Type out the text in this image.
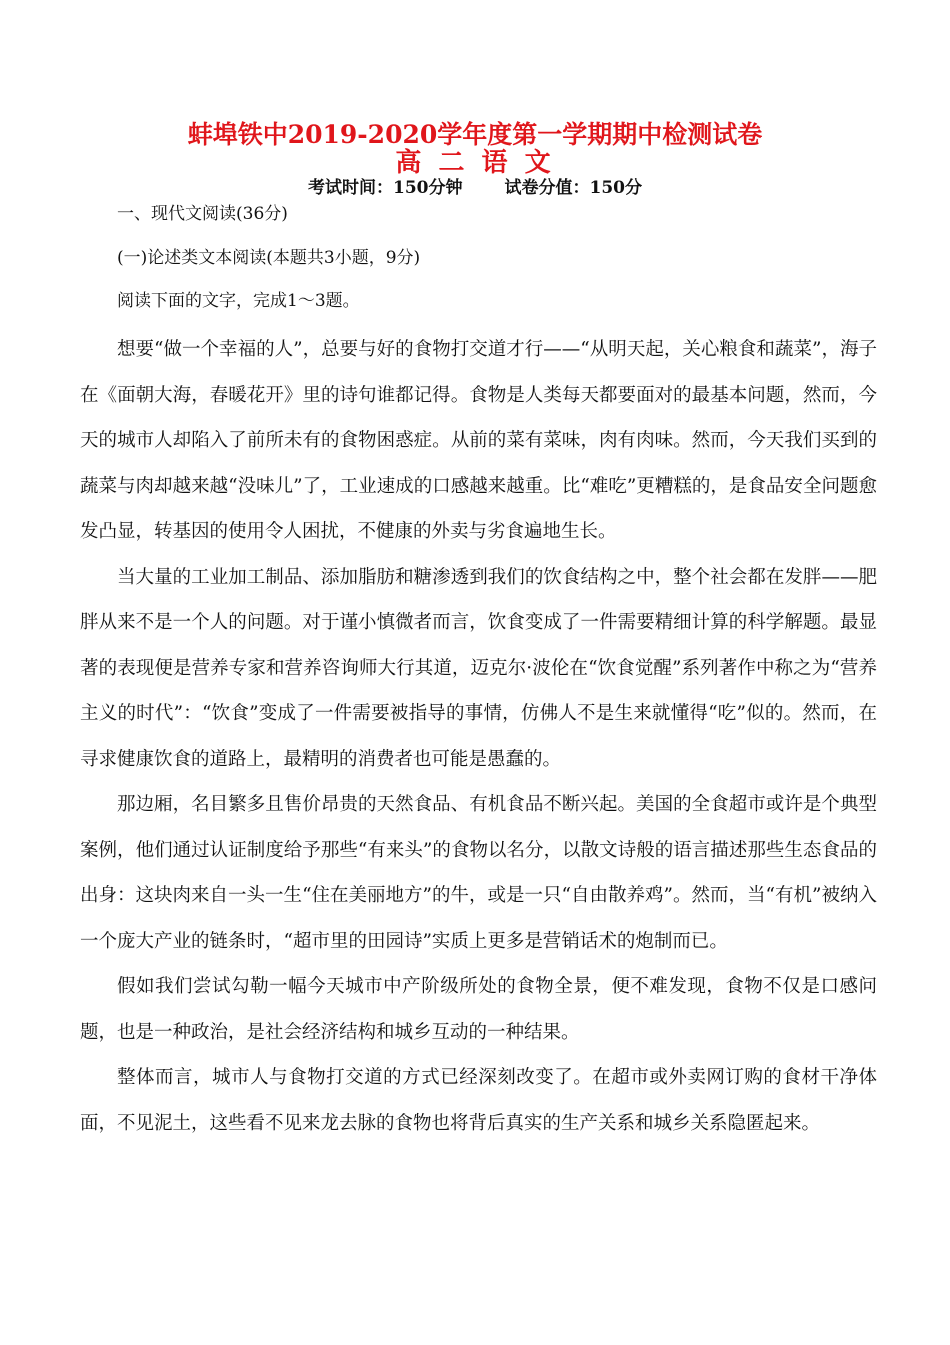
蚌埠铁中2019-2020学年度第一学期期中检测试卷
高 二 语 文
考试时间：150分钟 试卷分值：150分
一、现代文阅读(36分)
(一)论述类文本阅读(本题共3小题，9分)
阅读下面的文字，完成1～3题。

想要“做一个幸福的人”，总要与好的食物打交道才行——“从明天起，关心粮食和蔬菜”，海子在《面朝大海，春暖花开》里的诗句谁都记得。食物是人类每天都要面对的最基本问题，然而，今天的城市人却陷入了前所未有的食物困惑症。从前的菜有菜味，肉有肉味。然而，今天我们买到的蔬菜与肉却越来越“没味儿”了，工业速成的口感越来越重。比“难吃”更糟糕的，是食品安全问题愈发凸显，转基因的使用令人困扰，不健康的外卖与劣食遍地生长。

当大量的工业加工制品、添加脂肪和糖渗透到我们的饮食结构之中，整个社会都在发胖——肥胖从来不是一个人的问题。对于谨小慎微者而言，饮食变成了一件需要精细计算的科学解题。最显著的表现便是营养专家和营养咨询师大行其道，迈克尔·波伦在“饮食觉醒”系列著作中称之为“营养主义的时代”：“饮食”变成了一件需要被指导的事情，仿佛人不是生来就懂得“吃”似的。然而，在寻求健康饮食的道路上，最精明的消费者也可能是愚蠢的。

那边厢，名目繁多且售价昂贵的天然食品、有机食品不断兴起。美国的全食超市或许是个典型案例，他们通过认证制度给予那些“有来头”的食物以名分，以散文诗般的语言描述那些生态食品的出身：这块肉来自一头一生“住在美丽地方”的牛，或是一只“自由散养鸡”。然而，当“有机”被纳入一个庞大产业的链条时，“超市里的田园诗”实质上更多是营销话术的炮制而已。

假如我们尝试勾勒一幅今天城市中产阶级所处的食物全景，便不难发现，食物不仅是口感问题，也是一种政治，是社会经济结构和城乡互动的一种结果。

整体而言，城市人与食物打交道的方式已经深刻改变了。在超市或外卖网订购的食材干净体面，不见泥土，这些看不见来龙去脉的食物也将背后真实的生产关系和城乡关系隐匿起来。
